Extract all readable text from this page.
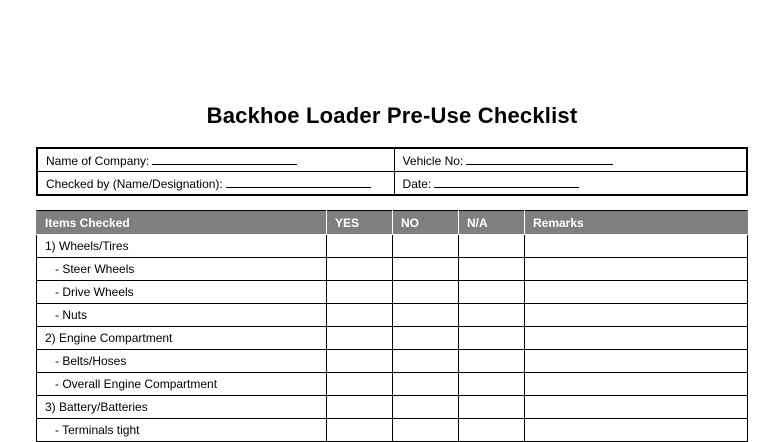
Backhoe Loader Pre-Use Checklist
Name of Company:	Vehicle No:
Checked by (Name/Designation):	Date:
Items Checked	YES	NO	N/A	Remarks
1) Wheels/Tires				
- Steer Wheels				
- Drive Wheels				
- Nuts				
2) Engine Compartment				
- Belts/Hoses				
- Overall Engine Compartment				
3) Battery/Batteries				
- Terminals tight				
